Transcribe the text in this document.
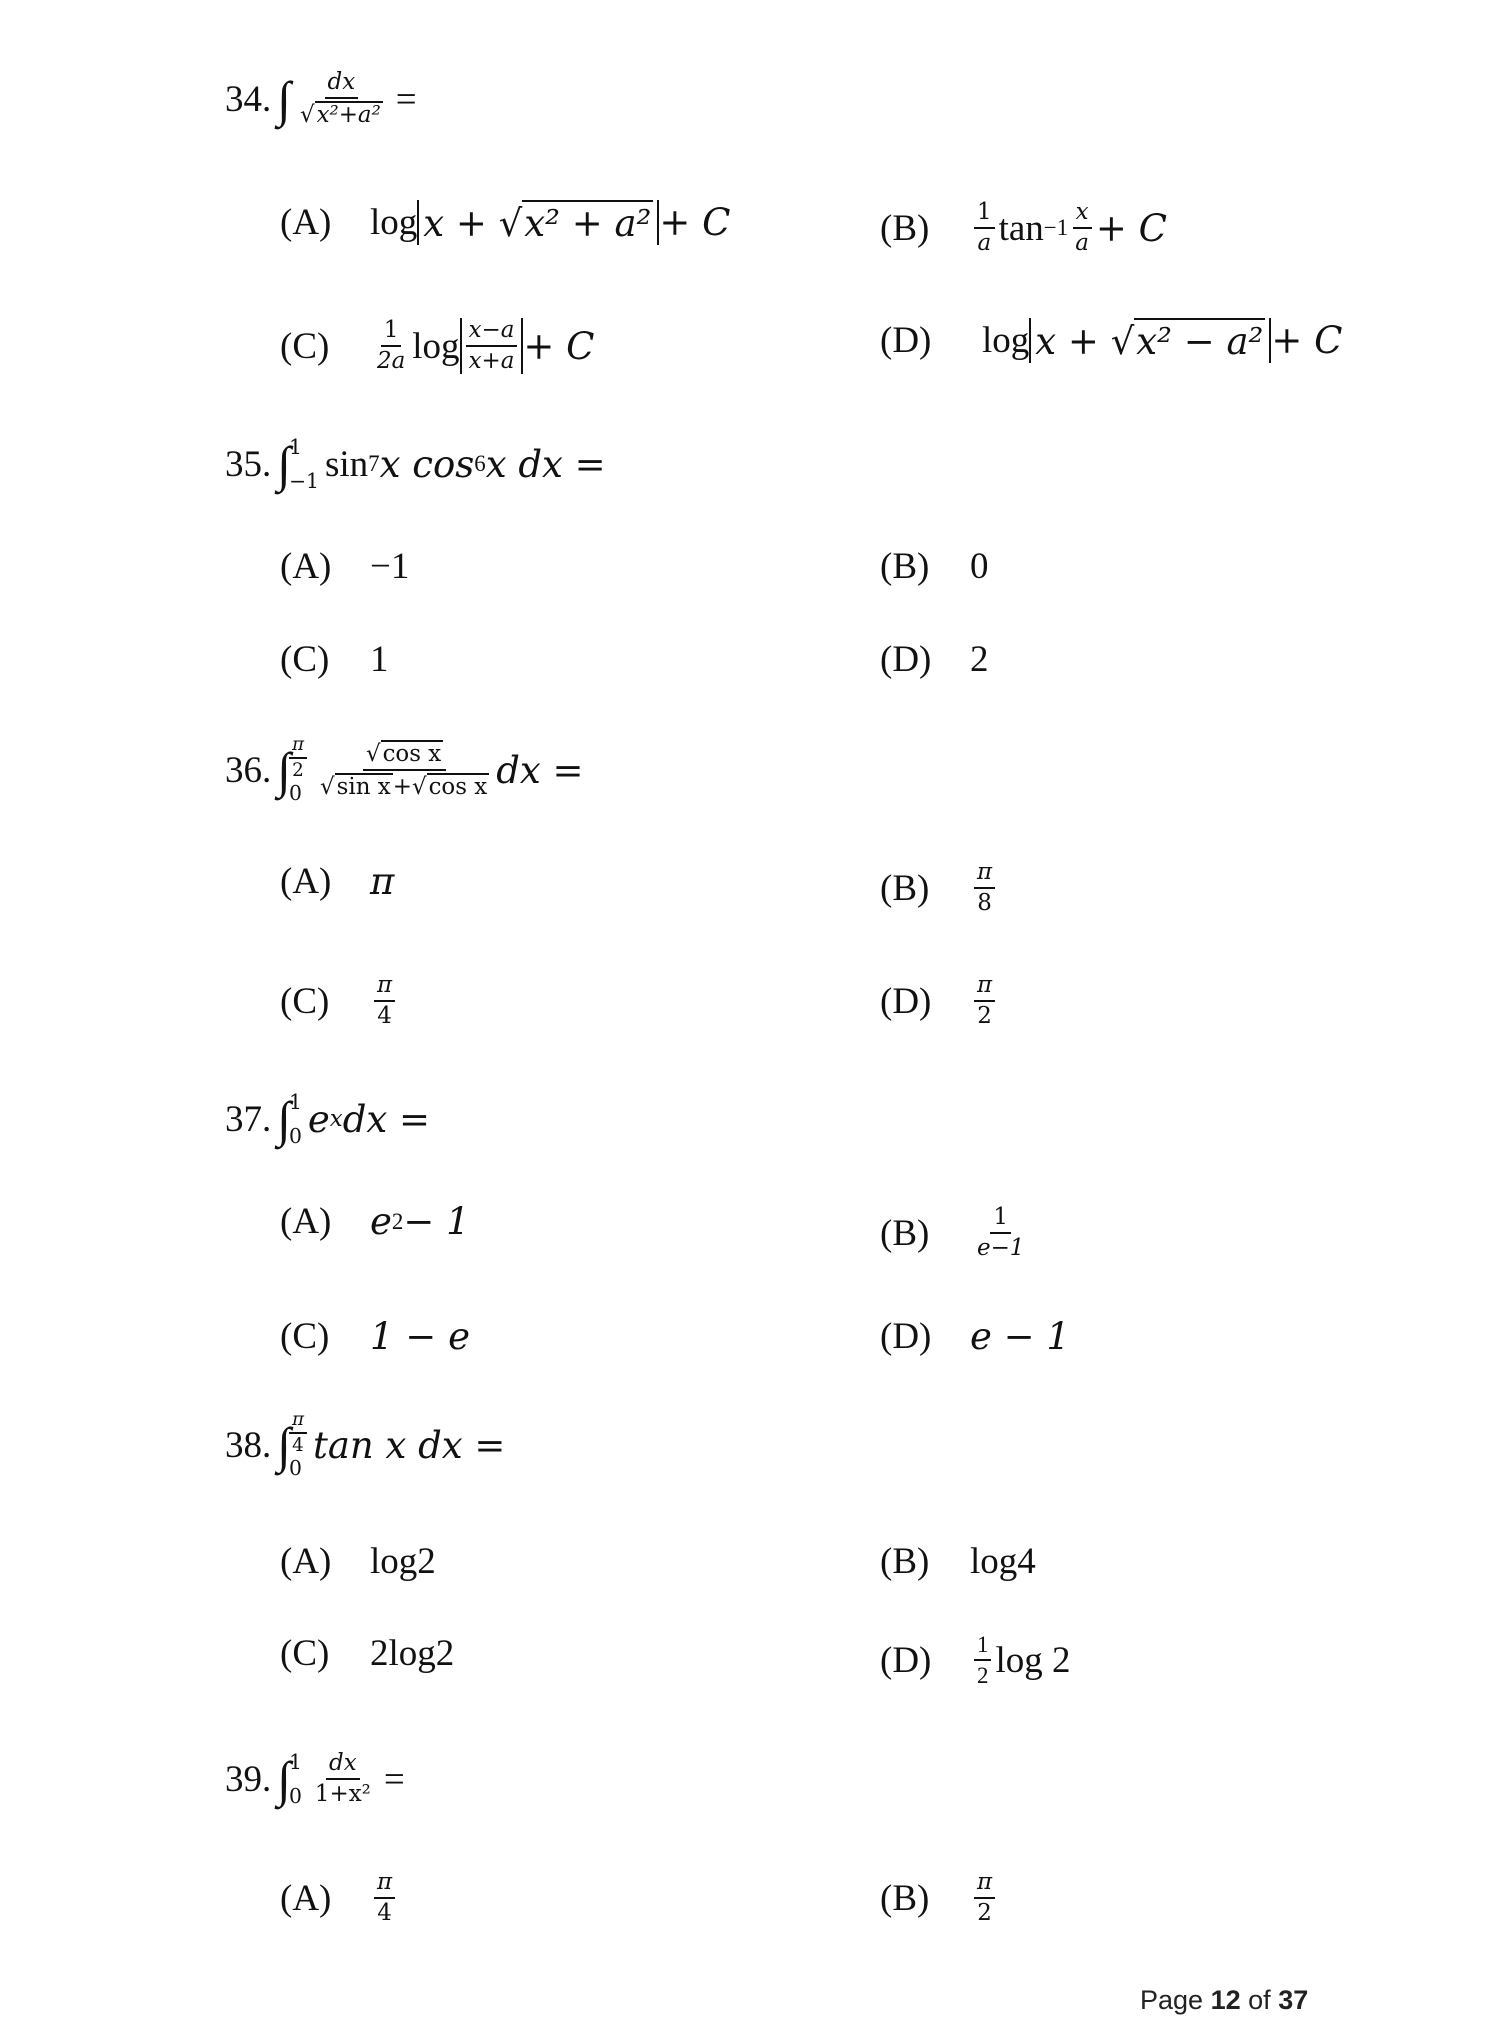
34. ∫ $\frac{dx}{\text{√ x²+a²}}$ =
(A)	log x + √ x² + a² + C	(B)	$\frac{1}{a}$ $\tan -1 \frac{x}{a} + C$
(C)	$\frac{1}{2a}$ $\log \frac{x-a}{x+a} + C$	(D)	log x + √ x² − a² + C
35. ∫
1
−1 sin 7 x cos 6 x dx =
(A)	−1	(B)	0
(C)	1	(D)	2
36. ∫
$\frac{\pi}{2}$
$0 \frac{\text{√ cos x}}{\text{√ sin x + √ cos x}}$ dx =
(A)	π	(B)	$\frac{\pi}{8}$
(C)	$\frac{\pi}{4}$	(D)	$\frac{\pi}{2}$
37. ∫
1
0 e x dx =
(A)	e 2 − 1	(B)	$\frac{1}{e-1}$
(C)	1 − e	(D)	e − 1
38. ∫
$\frac{\pi}{4}$
0
tan x dx =
(A)	log2	(B)	log4
(C)	2log2	(D)	$\frac{1}{2}$ log 2
39. ∫
1
$0 \frac{dx}{\text{1+x²}}$ =
(A)	$\frac{\pi}{4}$	(B)	$\frac{\pi}{2}$
Page 12 of 37
